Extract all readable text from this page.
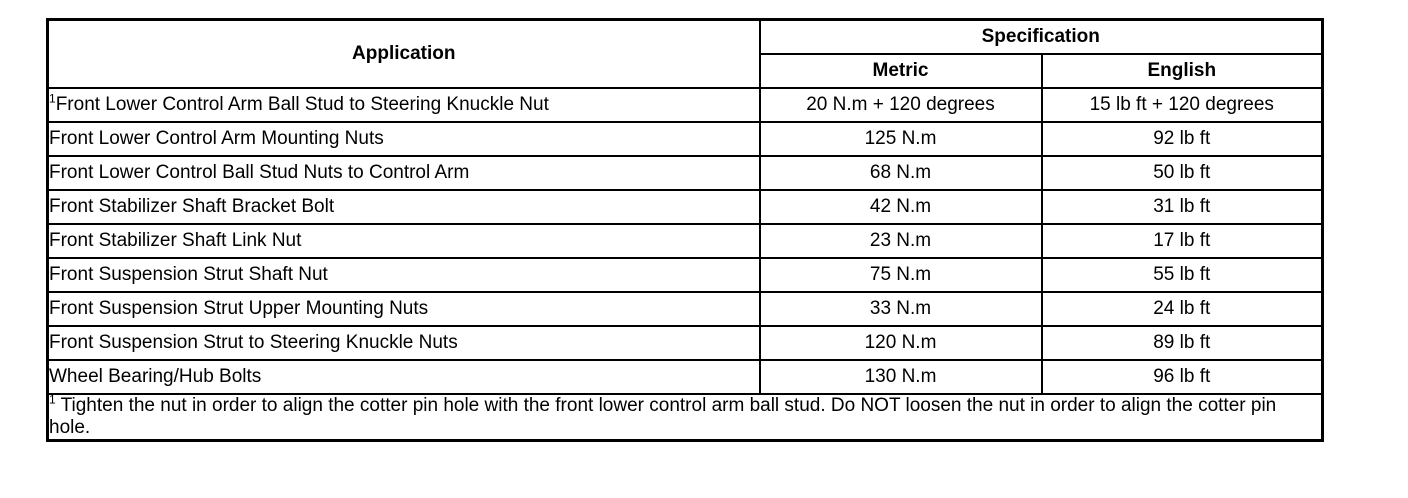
Application	Specification	
	Metric	English
$^1$Front Lower Control Arm Ball Stud to Steering Knuckle Nut	20 N.m + 120 degrees	15 lb ft + 120 degrees
Front Lower Control Arm Mounting Nuts	125 N.m	92 lb ft
Front Lower Control Ball Stud Nuts to Control Arm	68 N.m	50 lb ft
Front Stabilizer Shaft Bracket Bolt	42 N.m	31 lb ft
Front Stabilizer Shaft Link Nut	23 N.m	17 lb ft
Front Suspension Strut Shaft Nut	75 N.m	55 lb ft
Front Suspension Strut Upper Mounting Nuts	33 N.m	24 lb ft
Front Suspension Strut to Steering Knuckle Nuts	120 N.m	89 lb ft
Wheel Bearing/Hub Bolts	130 N.m	96 lb ft
$^1$ Tighten the nut in order to align the cotter pin hole with the front lower control arm ball stud. Do NOT loosen the nut in order to align the cotter pin hole.		
